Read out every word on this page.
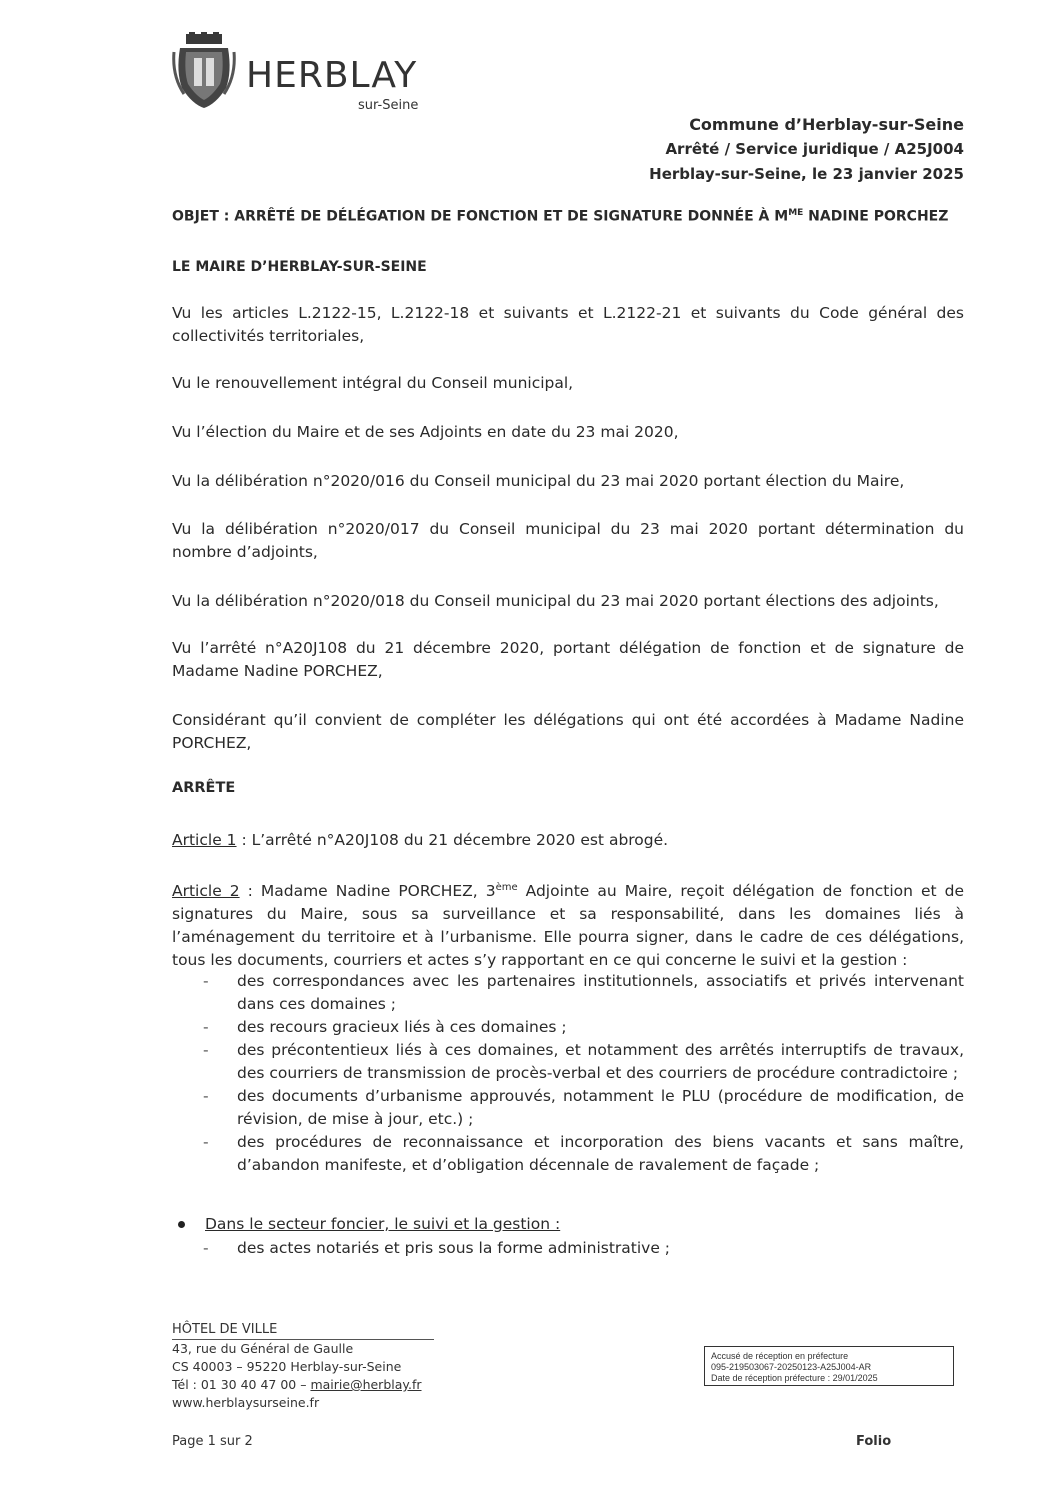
HERBLAY
sur-Seine
Commune d’Herblay-sur-Seine
Arrêté / Service juridique / A25J004
Herblay-sur-Seine, le 23 janvier 2025
OBJET : ARRÊTÉ DE DÉLÉGATION DE FONCTION ET DE SIGNATURE DONNÉE À $M^{ME}$ NADINE PORCHEZ
LE MAIRE D’HERBLAY-SUR-SEINE
Vu les articles L.2122-15, L.2122-18 et suivants et L.2122-21 et suivants du Code général des collectivités territoriales,
Vu le renouvellement intégral du Conseil municipal,
Vu l’élection du Maire et de ses Adjoints en date du 23 mai 2020,
Vu la délibération n°2020/016 du Conseil municipal du 23 mai 2020 portant élection du Maire,
Vu la délibération n°2020/017 du Conseil municipal du 23 mai 2020 portant détermination du nombre d’adjoints,
Vu la délibération n°2020/018 du Conseil municipal du 23 mai 2020 portant élections des adjoints,
Vu l’arrêté n°A20J108 du 21 décembre 2020, portant délégation de fonction et de signature de Madame Nadine PORCHEZ,
Considérant qu’il convient de compléter les délégations qui ont été accordées à Madame Nadine PORCHEZ,
ARRÊTE
Article 1 : L’arrêté n°A20J108 du 21 décembre 2020 est abrogé.
Article 2 : Madame Nadine PORCHEZ, 3ème Adjointe au Maire, reçoit délégation de fonction et de signatures du Maire, sous sa surveillance et sa responsabilité, dans les domaines liés à l’aménagement du territoire et à l’urbanisme. Elle pourra signer, dans le cadre de ces délégations, tous les documents, courriers et actes s’y rapportant en ce qui concerne le suivi et la gestion :
- des correspondances avec les partenaires institutionnels, associatifs et privés intervenant dans ces domaines ;
- des recours gracieux liés à ces domaines ;
- des précontentieux liés à ces domaines, et notamment des arrêtés interruptifs de travaux, des courriers de transmission de procès-verbal et des courriers de procédure contradictoire ;
- des documents d’urbanisme approuvés, notamment le PLU (procédure de modification, de révision, de mise à jour, etc.) ;
- des procédures de reconnaissance et incorporation des biens vacants et sans maître, d’abandon manifeste, et d’obligation décennale de ravalement de façade ;
Dans le secteur foncier, le suivi et la gestion :
- des actes notariés et pris sous la forme administrative ;
HÔTEL DE VILLE
43, rue du Général de Gaulle
CS 40003 – 95220 Herblay-sur-Seine
Tél : 01 30 40 47 00 – mairie@herblay.fr
www.herblaysurseine.fr
Accusé de réception en préfecture
095-219503067-20250123-A25J004-AR
Date de réception préfecture : 29/01/2025
Page 1 sur 2	Folio
